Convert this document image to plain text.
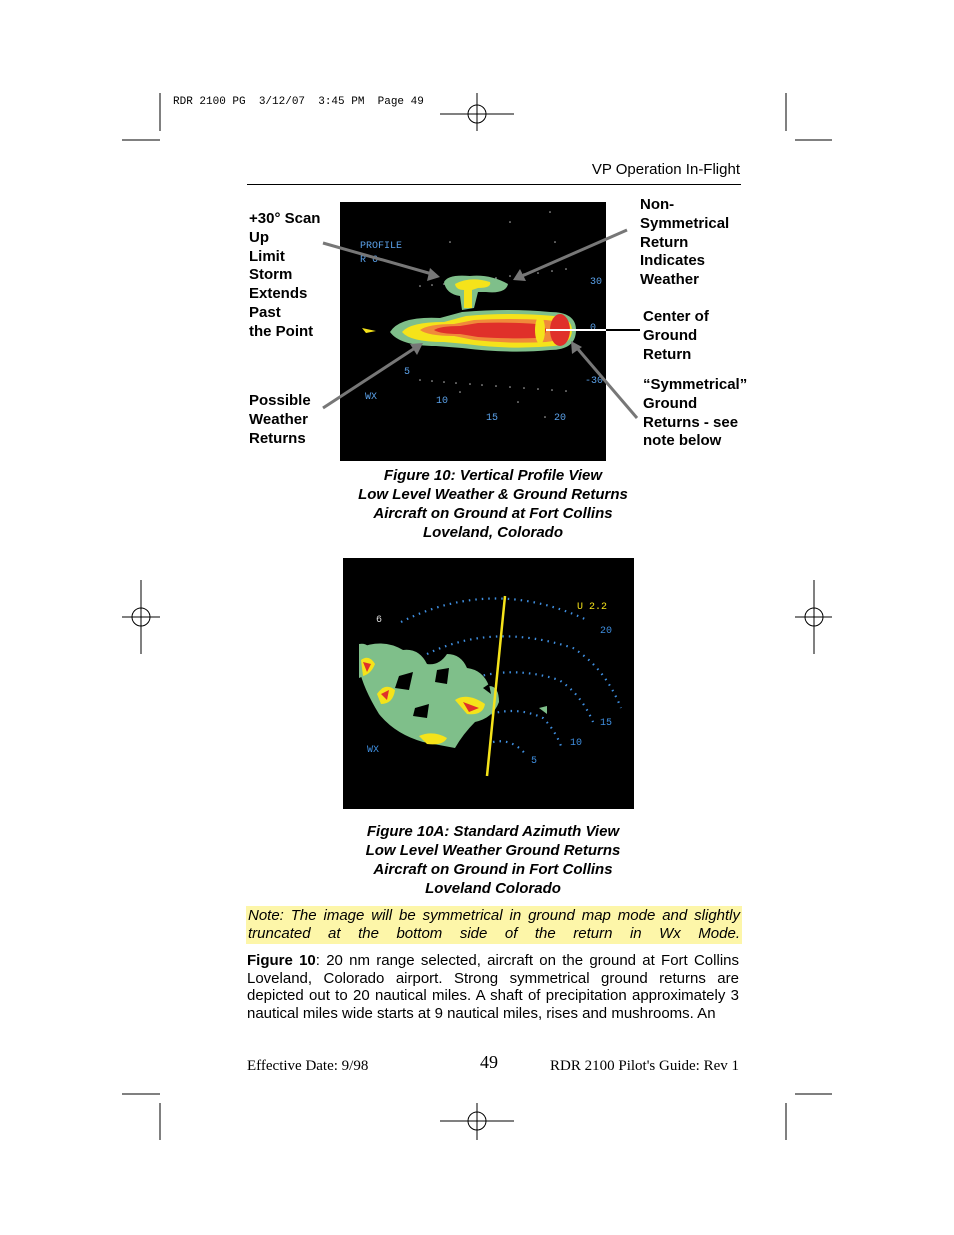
RDR 2100 PG  3/12/07  3:45 PM  Page 49
VP Operation In-Flight
PROFILE
R 6
30
0
-30
5
10
15	20
WX
+30° Scan
Up
Limit
Storm
Extends
Past
the Point
Non-
Symmetrical
Return
Indicates
Weather
Center of
Ground
Return
Possible
Weather
Returns
“Symmetrical”
Ground
Returns - see
note below
Figure 10: Vertical Profile View
Low Level Weather & Ground Returns
Aircraft on Ground at Fort Collins
Loveland, Colorado
U 2.2
6
20
15
10
5
WX
Figure 10A: Standard Azimuth View
Low Level Weather Ground Returns
Aircraft on Ground in Fort Collins
Loveland Colorado
Note: The image will be symmetrical in ground map mode and slightly truncated at the bottom side of the return in Wx Mode.
Figure 10: 20 nm range selected, aircraft on the ground at Fort Collins Loveland, Colorado airport. Strong symmetrical ground returns are depicted out to 20 nautical miles. A shaft of precipitation approximately 3 nautical miles wide starts at 9 nautical miles, rises and mushrooms. An
Effective Date: 9/98	49	RDR 2100 Pilot's Guide: Rev 1
